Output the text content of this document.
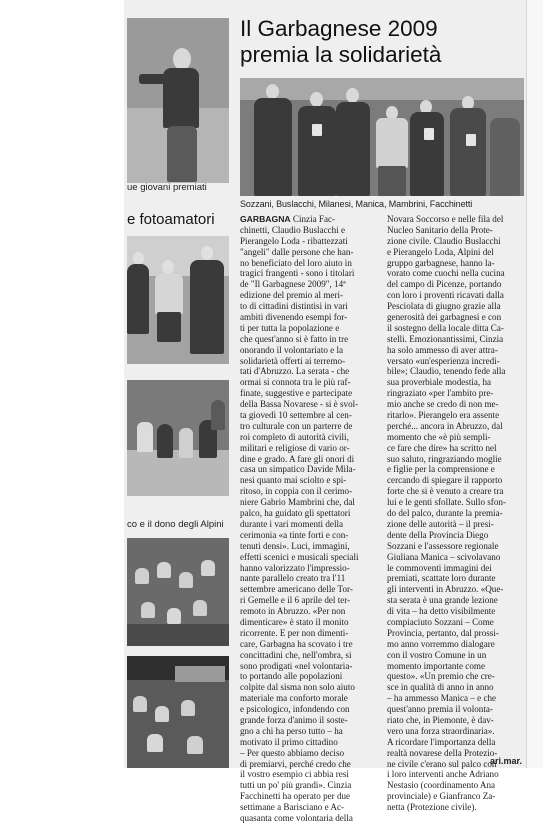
ue giovani premiati
e fotoamatori
co e il dono degli Alpini
Il Garbagnese 2009
premia la solidarietà
Sozzani, Buslacchi, Milanesi, Manica, Mambrini, Facchinetti
GARBAGNA Cinzia Fac-
chinetti, Claudio Buslacchi e
Pierangelo Loda - ribattezzati
"angeli" dalle persone che han-
no beneficiato del loro aiuto in
tragici frangenti - sono i titolari
de "Il Garbagnese 2009", 14ª
edizione del premio al meri-
to di cittadini distintisi in vari
ambiti divenendo esempi for-
ti per tutta la popolazione e
che quest'anno si è fatto in tre
onorando il volontariato e la
solidarietà offerti ai terremo-
tati d'Abruzzo. La serata - che
ormai si connota tra le più raf-
finate, suggestive e partecipate
della Bassa Novarese - si è svol-
ta giovedì 10 settembre al cen-
tro culturale con un parterre de
roi completo di autorità civili,
militari e religiose di vario or-
dine e grado. A fare gli onori di
casa un simpatico Davide Mila-
nesi quanto mai sciolto e spi-
ritoso, in coppia con il cerimo-
niere Gabrio Mambrini che, dal
palco, ha guidato gli spettatori
durante i vari momenti della
cerimonia «a tinte forti e con-
tenuti densi». Luci, immagini,
effetti scenici e musicali speciali
hanno valorizzato l'impressio-
nante parallelo creato tra l'11
settembre americano delle Tor-
ri Gemelle e il 6 aprile del ter-
remoto in Abruzzo. «Per non
dimenticare» è stato il monito
ricorrente. E per non dimenti-
care, Garbagna ha scovato i tre
concittadini che, nell'ombra, si
sono prodigati «nel volontaria-
to portando alle popolazioni
colpite dal sisma non solo aiuto
materiale ma conforto morale
e psicologico, infondendo con
grande forza d'animo il soste-
gno a chi ha perso tutto – ha
motivato il primo cittadino
– Per questo abbiamo deciso
di premiarvi, perché credo che
il vostro esempio ci abbia resi
tutti un po' più grandi». Cinzia
Facchinetti ha operato per due
settimane a Barisciano e Ac-
quasanta come volontaria della
Novara Soccorso e nelle fila del
Nucleo Sanitario della Prote-
zione civile. Claudio Buslacchi
e Pierangelo Loda, Alpini del
gruppo garbagnese, hanno la-
vorato come cuochi nella cucina
del campo di Picenze, portando
con loro i proventi ricavati dalla
Pesciolata di giugno grazie alla
generosità dei garbagnesi e con
il sostegno della locale ditta Ca-
stelli. Emozionantissimi, Cinzia
ha solo ammesso di aver attra-
versato «un'esperienza incredi-
bile»; Claudio, tenendo fede alla
sua proverbiale modestia, ha
ringraziato «per l'ambito pre-
mio anche se credo di non me-
ritarlo». Pierangelo era assente
perché... ancora in Abruzzo, dal
momento che «è più sempli-
ce fare che dire» ha scritto nel
suo saluto, ringraziando moglie
e figlie per la comprensione e
cercando di spiegare il rapporto
forte che si è venuto a creare tra
lui e le genti sfollate. Sullo sfon-
do del palco, durante la premia-
zione delle autorità – il presi-
dente della Provincia Diego
Sozzani e l'assessore regionale
Giuliana Manica – scivolavano
le commoventi immagini dei
premiati, scattate loro durante
gli interventi in Abruzzo. «Que-
sta serata è una grande lezione
di vita – ha detto visibilmente
compiaciuto Sozzani – Come
Provincia, pertanto, dal prossi-
mo anno vorremmo dialogare
con il vostro Comune in un
momento importante come
questo». «Un premio che cre-
sce in qualità di anno in anno
– ha ammesso Manica – e che
quest'anno premia il volonta-
riato che, in Piemonte, è dav-
vero una forza straordinaria».
A ricordare l'importanza della
realtà novarese della Protezio-
ne civile c'erano sul palco con
i loro interventi anche Adriano
Nestasio (coordinamento Ana
provinciale) e Gianfranco Za-
netta (Protezione civile).
ari.mar.
